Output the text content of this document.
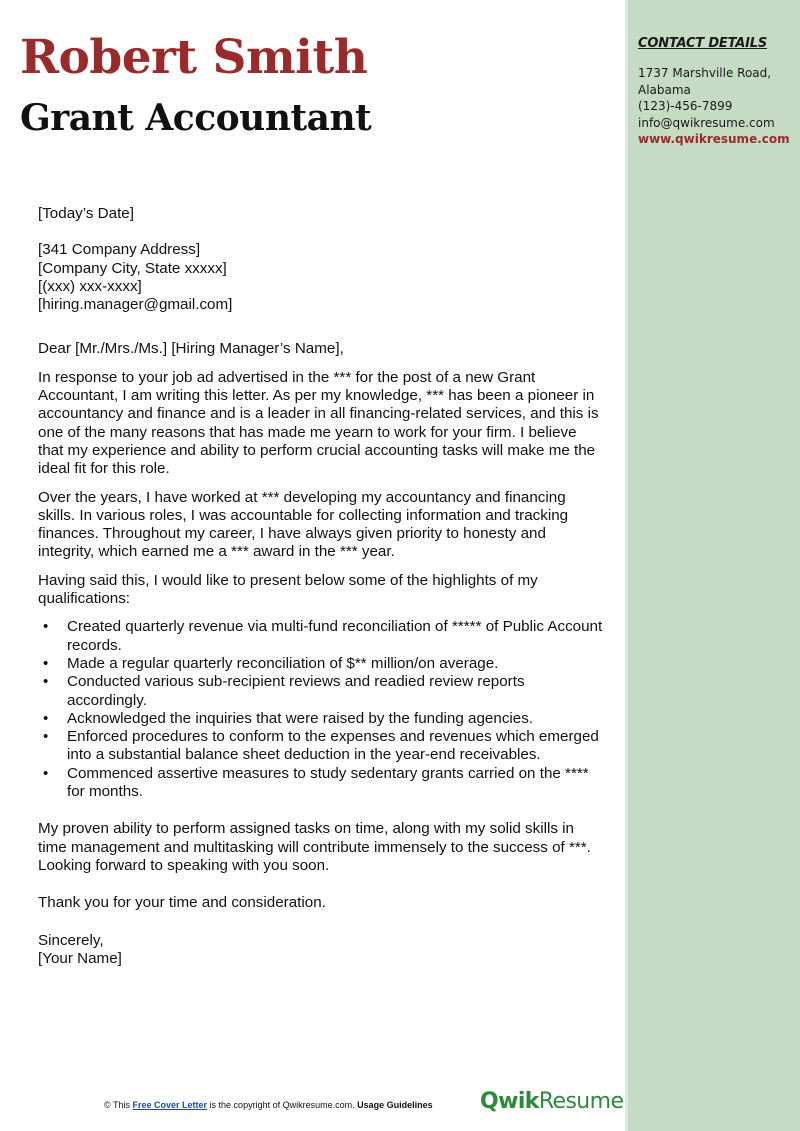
CONTACT DETAILS

1737 Marshville Road,
Alabama
(123)-456-7899
info@qwikresume.com
www.qwikresume.com
Robert Smith
Grant Accountant

[Today’s Date]

[341 Company Address]

[Company City, State xxxxx]

[(xxx) xxx-xxxx]

[hiring.manager@gmail.com]

Dear [Mr./Mrs./Ms.] [Hiring Manager’s Name],

In response to your job ad advertised in the *** for the post of a new Grant Accountant, I am writing this letter. As per my knowledge, *** has been a pioneer in accountancy and finance and is a leader in all financing-related services, and this is one of the many reasons that has made me yearn to work for your firm. I believe that my experience and ability to perform crucial accounting tasks will make me the ideal fit for this role.

Over the years, I have worked at *** developing my accountancy and financing skills. In various roles, I was accountable for collecting information and tracking finances. Throughout my career, I have always given priority to honesty and integrity, which earned me a *** award in the *** year.

Having said this, I would like to present below some of the highlights of my qualifications:

• Created quarterly revenue via multi-fund reconciliation of ***** of Public Account records.
• Made a regular quarterly reconciliation of $** million/on average.
• Conducted various sub-recipient reviews and readied review reports accordingly.
• Acknowledged the inquiries that were raised by the funding agencies.
• Enforced procedures to conform to the expenses and revenues which emerged into a substantial balance sheet deduction in the year-end receivables.
• Commenced assertive measures to study sedentary grants carried on the **** for months.

My proven ability to perform assigned tasks on time, along with my solid skills in time management and multitasking will contribute immensely to the success of ***. Looking forward to speaking with you soon.

Thank you for your time and consideration.

Sincerely,

[Your Name]

© This Free Cover Letter is the copyright of Qwikresume.com. Usage Guidelines QwikResume
